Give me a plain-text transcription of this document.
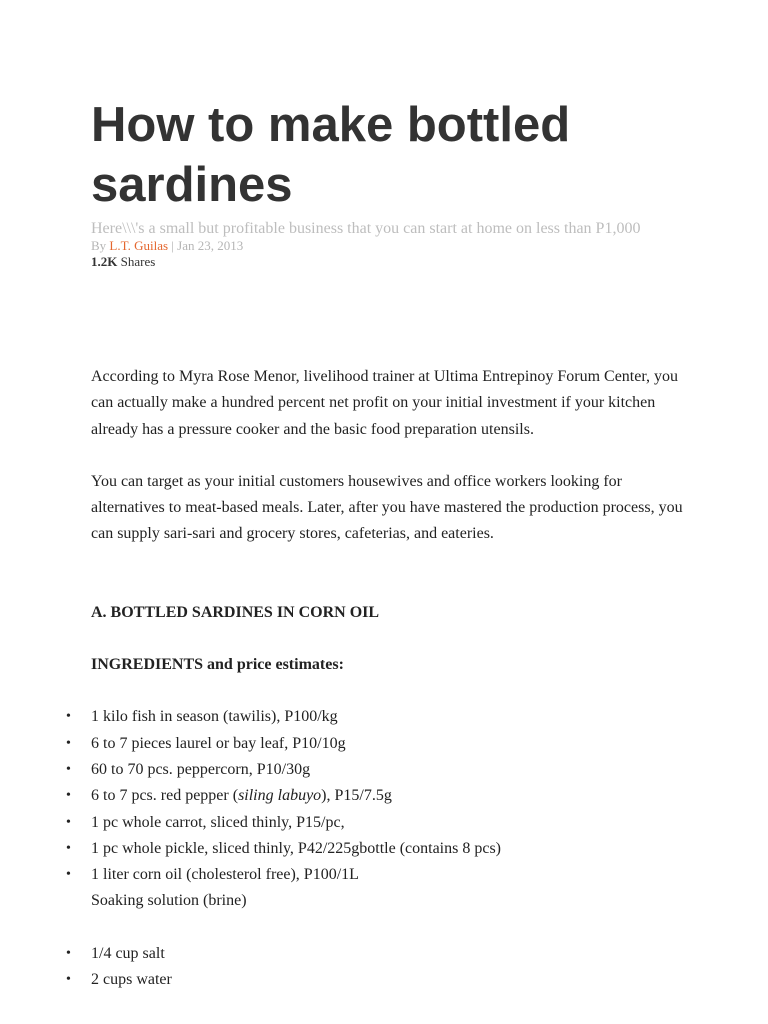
How to make bottled sardines

Here\\\'s a small but profitable business that you can start at home on less than P1,000

By L.T. Guilas | Jan 23, 2013

1.2K Shares

According to Myra Rose Menor, livelihood trainer at Ultima Entrepinoy Forum Center, you can actually make a hundred percent net profit on your initial investment if your kitchen already has a pressure cooker and the basic food preparation utensils.

You can target as your initial customers housewives and office workers looking for alternatives to meat-based meals. Later, after you have mastered the production process, you can supply sari-sari and grocery stores, cafeterias, and eateries.

A. BOTTLED SARDINES IN CORN OIL

INGREDIENTS and price estimates:

• 1 kilo fish in season (tawilis), P100/kg
• 6 to 7 pieces laurel or bay leaf, P10/10g
• 60 to 70 pcs. peppercorn, P10/30g
• 6 to 7 pcs. red pepper (siling labuyo), P15/7.5g
• 1 pc whole carrot, sliced thinly, P15/pc,
• 1 pc whole pickle, sliced thinly, P42/225gbottle (contains 8 pcs)
• 1 liter corn oil (cholesterol free), P100/1L

Soaking solution (brine)

• 1/4 cup salt
• 2 cups water
